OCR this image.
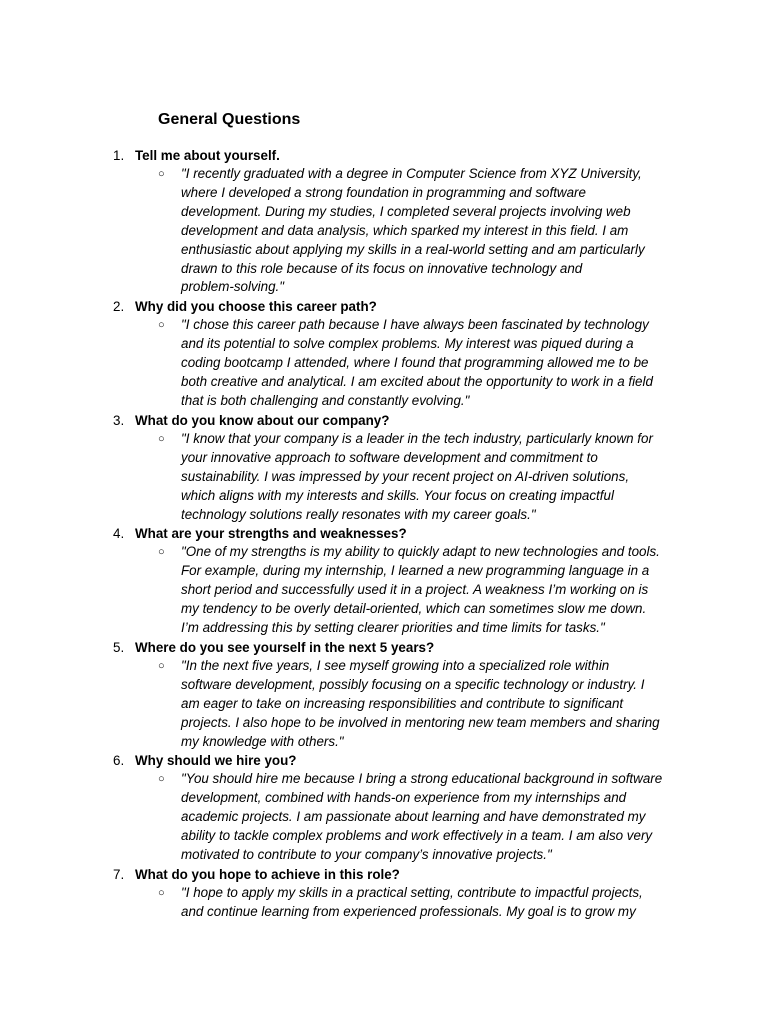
General Questions
1. Tell me about yourself.
○ "I recently graduated with a degree in Computer Science from XYZ University,
where I developed a strong foundation in programming and software
development. During my studies, I completed several projects involving web
development and data analysis, which sparked my interest in this field. I am
enthusiastic about applying my skills in a real-world setting and am particularly
drawn to this role because of its focus on innovative technology and
problem-solving."

2. Why did you choose this career path?
○ "I chose this career path because I have always been fascinated by technology
and its potential to solve complex problems. My interest was piqued during a
coding bootcamp I attended, where I found that programming allowed me to be
both creative and analytical. I am excited about the opportunity to work in a field
that is both challenging and constantly evolving."

3. What do you know about our company?
○ "I know that your company is a leader in the tech industry, particularly known for
your innovative approach to software development and commitment to
sustainability. I was impressed by your recent project on AI-driven solutions,
which aligns with my interests and skills. Your focus on creating impactful
technology solutions really resonates with my career goals."

4. What are your strengths and weaknesses?
○ "One of my strengths is my ability to quickly adapt to new technologies and tools.
For example, during my internship, I learned a new programming language in a
short period and successfully used it in a project. A weakness I’m working on is
my tendency to be overly detail-oriented, which can sometimes slow me down.
I’m addressing this by setting clearer priorities and time limits for tasks."

5. Where do you see yourself in the next 5 years?
○ "In the next five years, I see myself growing into a specialized role within
software development, possibly focusing on a specific technology or industry. I
am eager to take on increasing responsibilities and contribute to significant
projects. I also hope to be involved in mentoring new team members and sharing
my knowledge with others."

6. Why should we hire you?
○ "You should hire me because I bring a strong educational background in software
development, combined with hands-on experience from my internships and
academic projects. I am passionate about learning and have demonstrated my
ability to tackle complex problems and work effectively in a team. I am also very
motivated to contribute to your company’s innovative projects."

7. What do you hope to achieve in this role?
○ "I hope to apply my skills in a practical setting, contribute to impactful projects,
and continue learning from experienced professionals. My goal is to grow my
